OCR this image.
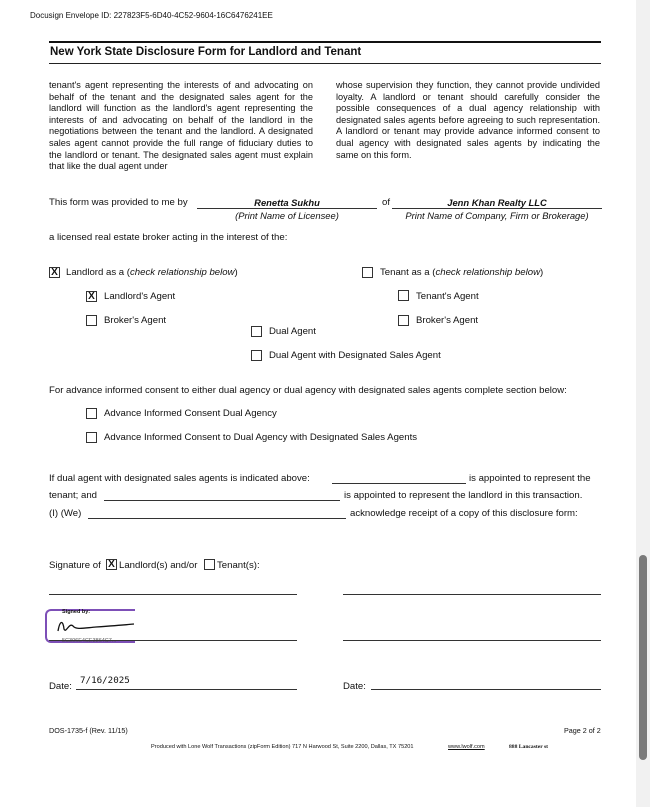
Docusign Envelope ID: 227823F5-6D40-4C52-9604-16C6476241EE
New York State Disclosure Form for Landlord and Tenant
tenant's agent representing the interests of and advocating on behalf of the tenant and the designated sales agent for the landlord will function as the landlord's agent representing the interests of and advocating on behalf of the landlord in the negotiations between the tenant and the landlord. A designated sales agent cannot provide the full range of fiduciary duties to the landlord or tenant. The designated sales agent must explain that like the dual agent under
whose supervision they function, they cannot provide undivided loyalty. A landlord or tenant should carefully consider the possible consequences of a dual agency relationship with designated sales agents before agreeing to such representation. A landlord or tenant may provide advance informed consent to dual agency with designated sales agents by indicating the same on this form.
This form was provided to me by	Renetta Sukhu
(Print Name of Licensee)
of	Jenn Khan Realty LLC
Print Name of Company, Firm or Brokerage)
a licensed real estate broker acting in the interest of the:
X Landlord as a (check relationship below)	Tenant as a (check relationship below)
X Landlord's Agent	Tenant's Agent
Broker's Agent	Broker's Agent
Dual Agent
Dual Agent with Designated Sales Agent
For advance informed consent to either dual agency or dual agency with designated sales agents complete section below:
Advance Informed Consent Dual Agency
Advance Informed Consent to Dual Agency with Designated Sales Agents
If dual agent with designated sales agents is indicated above:	is appointed to represent the
tenant; and	is appointed to represent the landlord in this transaction.
(I) (We)	acknowledge receipt of a copy of this disclosure form:
Signature of X Landlord(s) and/or Tenant(s):
Signed by:
5C306E4CE3864C7...
Date:
7/16/2025
Date:
DOS-1735-f (Rev. 11/15)	Page 2 of 2
Produced with Lone Wolf Transactions (zipForm Edition) 717 N Harwood St, Suite 2200, Dallas, TX 75201	www.lwolf.com	888 Lancaster st
